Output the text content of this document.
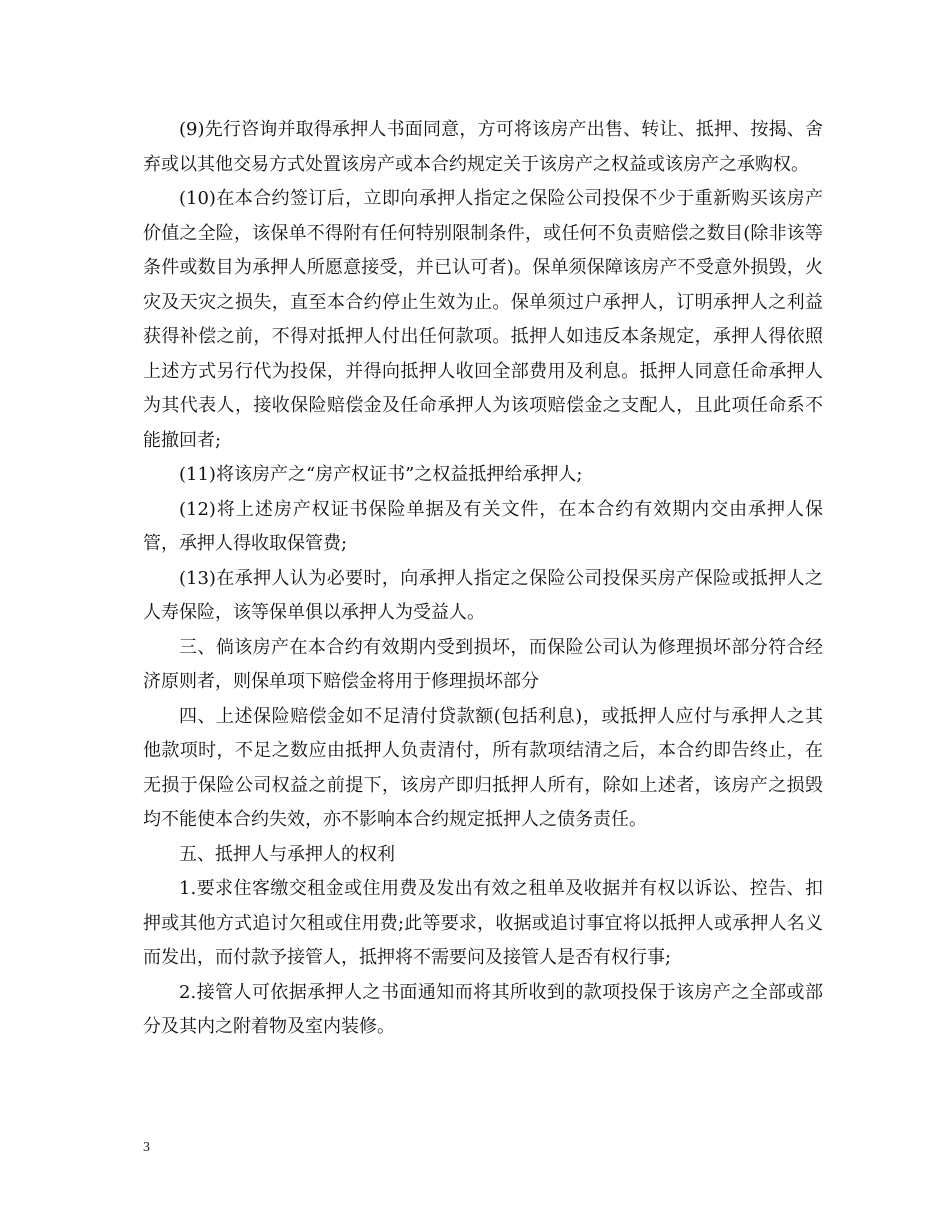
(9)先行咨询并取得承押人书面同意，方可将该房产出售、转让、抵押、按揭、舍弃或以其他交易方式处置该房产或本合约规定关于该房产之权益或该房产之承购权。

(10)在本合约签订后，立即向承押人指定之保险公司投保不少于重新购买该房产价值之全险，该保单不得附有任何特别限制条件，或任何不负责赔偿之数目(除非该等条件或数目为承押人所愿意接受，并已认可者)。保单须保障该房产不受意外损毁，火灾及天灾之损失，直至本合约停止生效为止。保单须过户承押人，订明承押人之利益获得补偿之前，不得对抵押人付出任何款项。抵押人如违反本条规定，承押人得依照上述方式另行代为投保，并得向抵押人收回全部费用及利息。抵押人同意任命承押人为其代表人，接收保险赔偿金及任命承押人为该项赔偿金之支配人，且此项任命系不能撤回者;

(11)将该房产之“房产权证书”之权益抵押给承押人;

(12)将上述房产权证书保险单据及有关文件，在本合约有效期内交由承押人保管，承押人得收取保管费;

(13)在承押人认为必要时，向承押人指定之保险公司投保买房产保险或抵押人之人寿保险，该等保单俱以承押人为受益人。

三、倘该房产在本合约有效期内受到损坏，而保险公司认为修理损坏部分符合经济原则者，则保单项下赔偿金将用于修理损坏部分

四、上述保险赔偿金如不足清付贷款额(包括利息)，或抵押人应付与承押人之其他款项时，不足之数应由抵押人负责清付，所有款项结清之后，本合约即告终止，在无损于保险公司权益之前提下，该房产即归抵押人所有，除如上述者，该房产之损毁均不能使本合约失效，亦不影响本合约规定抵押人之债务责任。

五、抵押人与承押人的权利

1.要求住客缴交租金或住用费及发出有效之租单及收据并有权以诉讼、控告、扣押或其他方式追讨欠租或住用费;此等要求，收据或追讨事宜将以抵押人或承押人名义而发出，而付款予接管人，抵押将不需要问及接管人是否有权行事;

2.接管人可依据承押人之书面通知而将其所收到的款项投保于该房产之全部或部分及其内之附着物及室内装修。

3
